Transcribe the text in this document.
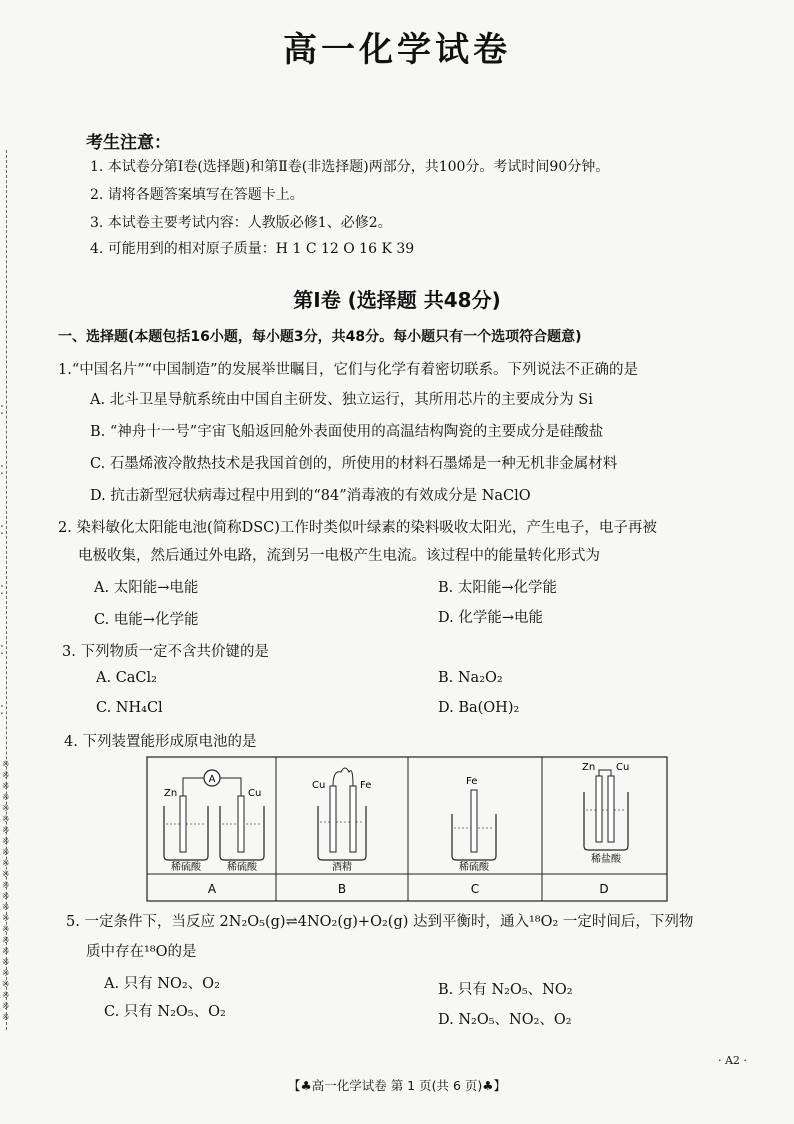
⁚
⁚
⁚
⁚
⁚
⁚
※※※※※※※※※※※※※※※※※※※※※※※※
高一化学试卷
考生注意：
1. 本试卷分第Ⅰ卷(选择题)和第Ⅱ卷(非选择题)两部分，共100分。考试时间90分钟。
2. 请将各题答案填写在答题卡上。
3. 本试卷主要考试内容：人教版必修1、必修2。
4. 可能用到的相对原子质量：H 1 C 12 O 16 K 39
第Ⅰ卷 (选择题 共48分)
一、选择题(本题包括16小题，每小题3分，共48分。每小题只有一个选项符合题意)
1.“中国名片”“中国制造”的发展举世瞩目，它们与化学有着密切联系。下列说法不正确的是
A. 北斗卫星导航系统由中国自主研发、独立运行，其所用芯片的主要成分为 Si
B. “神舟十一号”宇宙飞船返回舱外表面使用的高温结构陶瓷的主要成分是硅酸盐
C. 石墨烯液冷散热技术是我国首创的，所使用的材料石墨烯是一种无机非金属材料
D. 抗击新型冠状病毒过程中用到的“84”消毒液的有效成分是 NaClO
2. 染料敏化太阳能电池(简称DSC)工作时类似叶绿素的染料吸收太阳光，产生电子，电子再被
电极收集，然后通过外电路，流到另一电极产生电流。该过程中的能量转化形式为
A. 太阳能→电能	B. 太阳能→化学能
C. 电能→化学能	D. 化学能→电能
3. 下列物质一定不含共价键的是
A. CaCl₂	B. Na₂O₂
C. NH₄Cl	D. Ba(OH)₂
4. 下列装置能形成原电池的是
A
Zn	Cu
稀硫酸	稀硫酸
Cu	Fe
酒精
Fe
稀硫酸
Zn Cu
稀盐酸
A	B	C	D
5. 一定条件下，当反应 2N₂O₅(g)⇌4NO₂(g)+O₂(g) 达到平衡时，通入¹⁸O₂ 一定时间后，下列物
质中存在¹⁸O的是
A. 只有 NO₂、O₂	B. 只有 N₂O₅、NO₂
C. 只有 N₂O₅、O₂	D. N₂O₅、NO₂、O₂
· A2 ·
【♣高一化学试卷 第 1 页(共 6 页)♣】
